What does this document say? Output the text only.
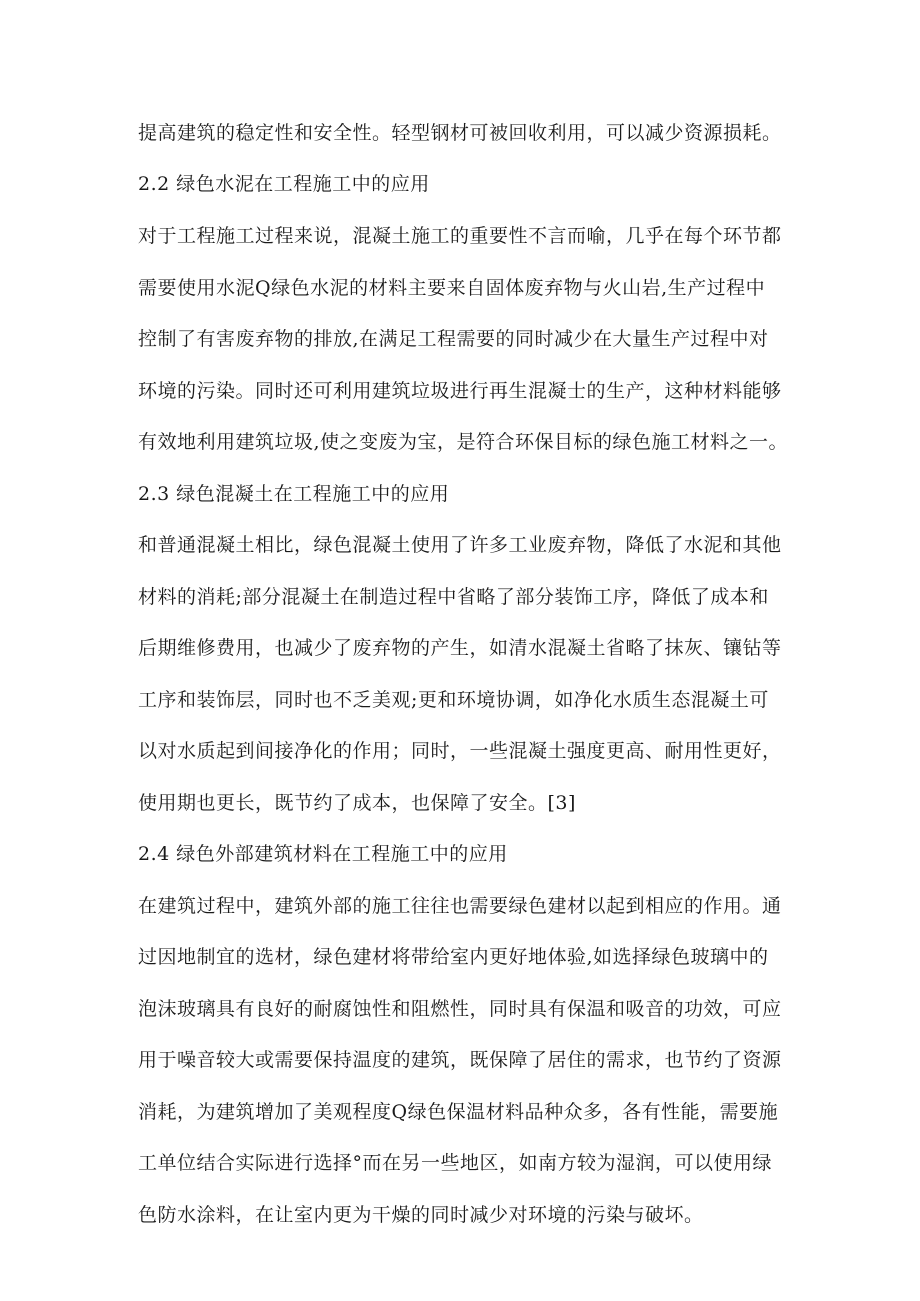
提高建筑的稳定性和安全性。轻型钢材可被回收利用，可以减少资源损耗。
2.2 绿色水泥在工程施工中的应用
对于工程施工过程来说，混凝土施工的重要性不言而喻，几乎在每个环节都
需要使用水泥Q绿色水泥的材料主要来自固体废弃物与火山岩,生产过程中
控制了有害废弃物的排放,在满足工程需要的同时减少在大量生产过程中对
环境的污染。同时还可利用建筑垃圾进行再生混凝士的生产，这种材料能够
有效地利用建筑垃圾,使之变废为宝，是符合环保目标的绿色施工材料之一。
2.3 绿色混凝土在工程施工中的应用
和普通混凝土相比，绿色混凝土使用了许多工业废弃物，降低了水泥和其他
材料的消耗;部分混凝土在制造过程中省略了部分装饰工序，降低了成本和
后期维修费用，也减少了废弃物的产生，如清水混凝土省略了抹灰、镶钻等
工序和装饰层，同时也不乏美观;更和环境协调，如净化水质生态混凝土可
以对水质起到间接净化的作用；同时，一些混凝土强度更高、耐用性更好，
使用期也更长，既节约了成本，也保障了安全。[3]
2.4 绿色外部建筑材料在工程施工中的应用
在建筑过程中，建筑外部的施工往往也需要绿色建材以起到相应的作用。通
过因地制宜的选材，绿色建材将带给室内更好地体验,如选择绿色玻璃中的
泡沫玻璃具有良好的耐腐蚀性和阻燃性，同时具有保温和吸音的功效，可应
用于噪音较大或需要保持温度的建筑，既保障了居住的需求，也节约了资源
消耗，为建筑增加了美观程度Q绿色保温材料品种众多，各有性能，需要施
工单位结合实际进行选择°而在另一些地区，如南方较为湿润，可以使用绿
色防水涂料，在让室内更为干燥的同时减少对环境的污染与破坏。
